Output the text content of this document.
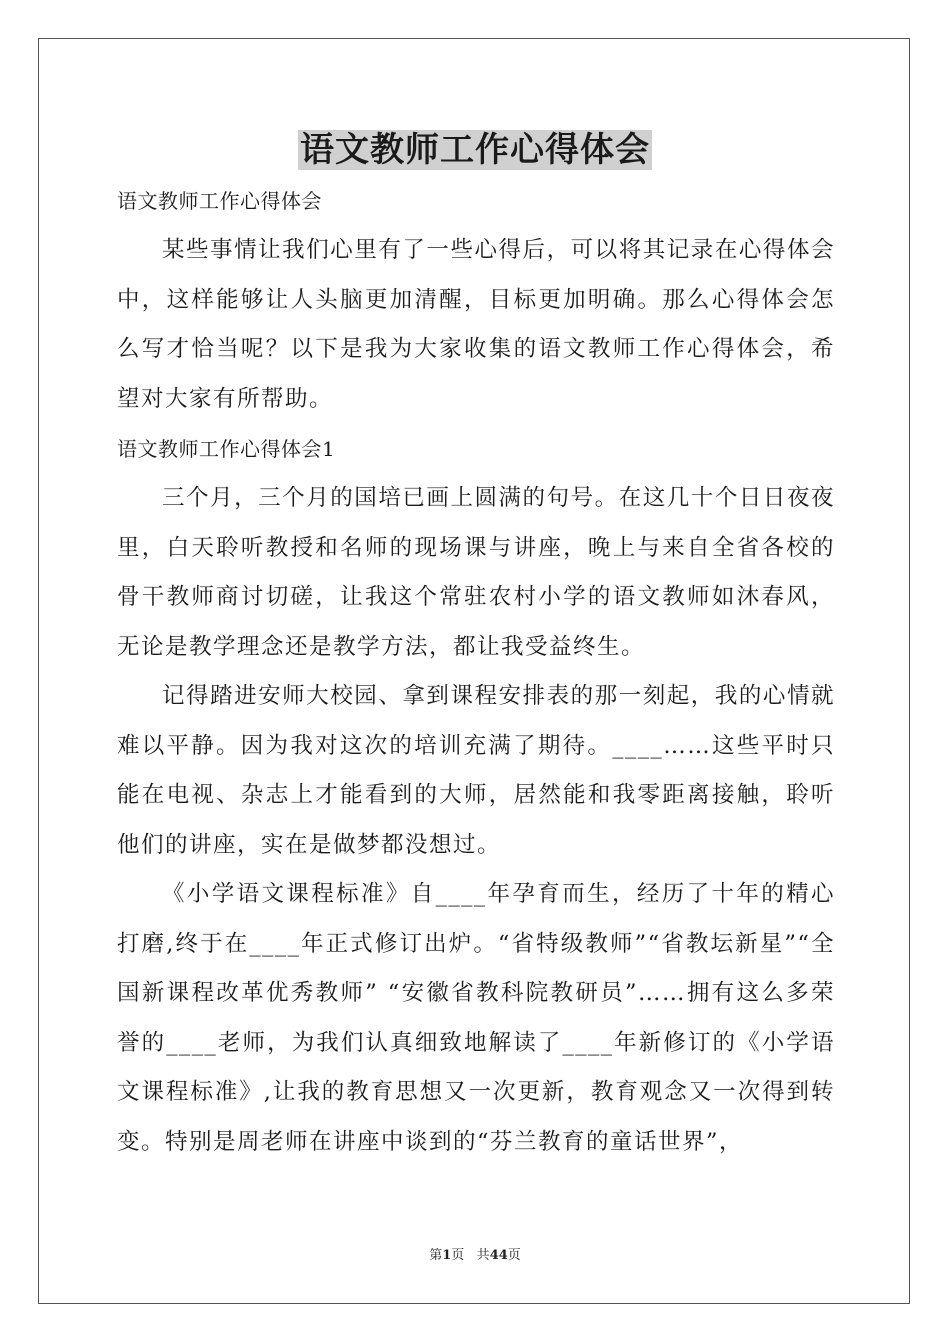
语文教师工作心得体会

语文教师工作心得体会

某些事情让我们心里有了一些心得后，可以将其记录在心得体会中，这样能够让人头脑更加清醒，目标更加明确。那么心得体会怎么写才恰当呢？以下是我为大家收集的语文教师工作心得体会，希望对大家有所帮助。

语文教师工作心得体会1

三个月，三个月的国培已画上圆满的句号。在这几十个日日夜夜里，白天聆听教授和名师的现场课与讲座，晚上与来自全省各校的骨干教师商讨切磋，让我这个常驻农村小学的语文教师如沐春风，无论是教学理念还是教学方法，都让我受益终生。

记得踏进安师大校园、拿到课程安排表的那一刻起，我的心情就难以平静。因为我对这次的培训充满了期待。____……这些平时只能在电视、杂志上才能看到的大师，居然能和我零距离接触，聆听他们的讲座，实在是做梦都没想过。

《小学语文课程标准》自____年孕育而生，经历了十年的精心打磨,终于在____年正式修订出炉。“省特级教师”“省教坛新星”“全国新课程改革优秀教师” “安徽省教科院教研员”……拥有这么多荣誉的____老师，为我们认真细致地解读了____年新修订的《小学语文课程标准》,让我的教育思想又一次更新，教育观念又一次得到转变。特别是周老师在讲座中谈到的“芬兰教育的童话世界”，

第1页 共44页
